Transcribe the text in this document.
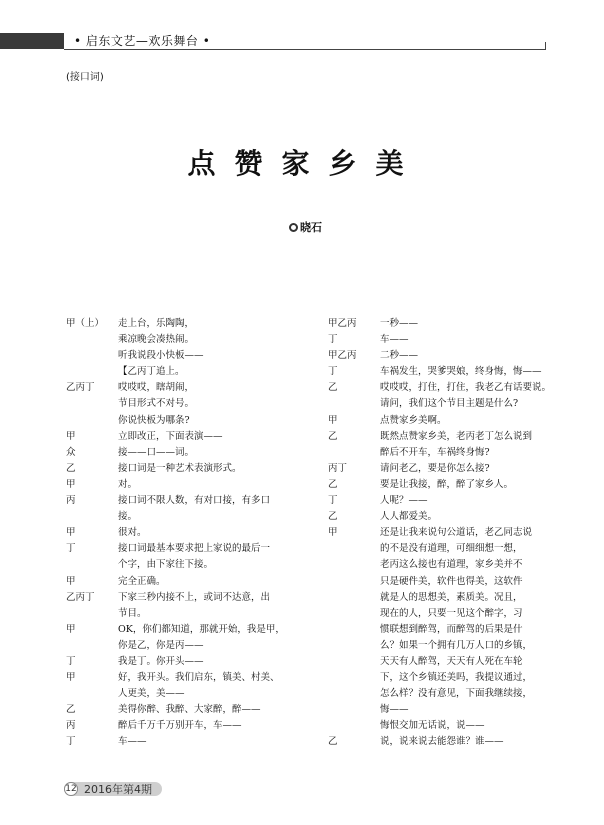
• 启东文艺—欢乐舞台 •
(接口词)
点赞家乡美
晓石
甲（上）	走上台，乐陶陶，
乘凉晚会凑热闹。
听我说段小快板——
【乙丙丁追上。
乙丙丁	哎哎哎，瞎胡闹，
节目形式不对号。
你说快板为哪条?
甲	立即改正，下面表演——
众	接——口——词。
乙	接口词是一种艺术表演形式。
甲	对。
丙	接口词不限人数，有对口接，有多口
接。
甲	很对。
丁	接口词最基本要求把上家说的最后一
个字，由下家往下接。
甲	完全正确。
乙丙丁	下家三秒内接不上，或词不达意，出
节目。
甲	OK，你们都知道，那就开始，我是甲，
你是乙，你是丙——
丁	我是丁。你开头——
甲	好，我开头。我们启东，镇美、村美、
人更美，美——
乙	美得你醉、我醉、大家醉，醉——
丙	醉后千万千万别开车，车——
丁	车——
甲乙丙	一秒——
丁	车——
甲乙丙	二秒——
丁	车祸发生，哭爹哭娘，终身悔，悔——
乙	哎哎哎，打住，打住，我老乙有话要说。
请问，我们这个节目主题是什么?
甲	点赞家乡美啊。
乙	既然点赞家乡美，老丙老丁怎么说到
醉后不开车，车祸终身悔?
丙丁	请问老乙，要是你怎么接?
乙	要是让我接，醉，醉了家乡人。
丁	人呢？——
乙	人人都爱美。
甲	还是让我来说句公道话，老乙同志说
的不是没有道理，可细细想一想，
老丙这么接也有道理，家乡美并不
只是硬件美，软件也得美，这软件
就是人的思想美，素质美。况且，
现在的人，只要一见这个醉字，习
惯联想到醉驾，而醉驾的后果是什
么？如果一个拥有几万人口的乡镇，
天天有人醉驾，天天有人死在车轮
下，这个乡镇还美吗，我提议通过，
怎么样？没有意见，下面我继续接，
悔——
悔恨交加无话说，说——
乙	说，说来说去能怨谁？谁——
12 2016年第4期
